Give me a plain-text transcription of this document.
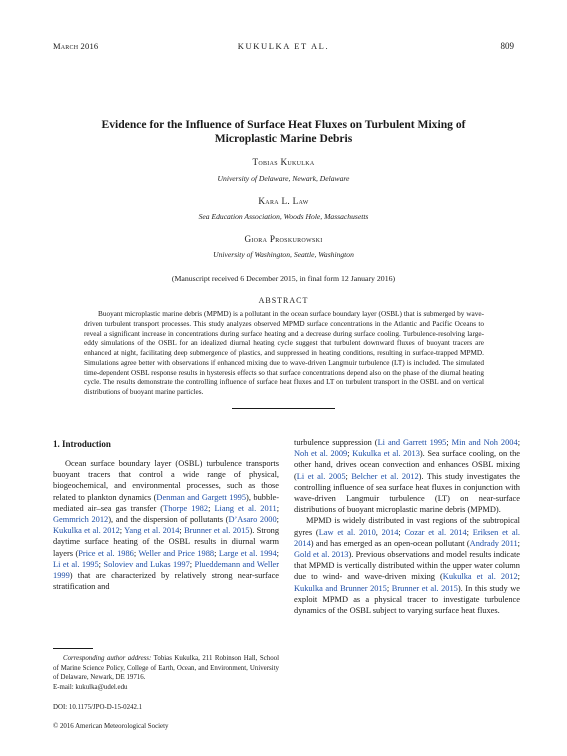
March 2016	KUKULKA ET AL.	809
Evidence for the Influence of Surface Heat Fluxes on Turbulent Mixing of Microplastic Marine Debris
Tobias Kukulka
University of Delaware, Newark, Delaware
Kara L. Law
Sea Education Association, Woods Hole, Massachusetts
Giora Proskurowski
University of Washington, Seattle, Washington
(Manuscript received 6 December 2015, in final form 12 January 2016)
ABSTRACT

Buoyant microplastic marine debris (MPMD) is a pollutant in the ocean surface boundary layer (OSBL) that is submerged by wave-driven turbulent transport processes. This study analyzes observed MPMD surface concentrations in the Atlantic and Pacific Oceans to reveal a significant increase in concentrations during surface heating and a decrease during surface cooling. Turbulence-resolving large-eddy simulations of the OSBL for an idealized diurnal heating cycle suggest that turbulent downward fluxes of buoyant tracers are enhanced at night, facilitating deep submergence of plastics, and suppressed in heating conditions, resulting in surface-trapped MPMD. Simulations agree better with observations if enhanced mixing due to wave-driven Langmuir turbulence (LT) is included. The simulated time-dependent OSBL response results in hysteresis effects so that surface concentrations depend also on the phase of the diurnal heating cycle. The results demonstrate the controlling influence of surface heat fluxes and LT on turbulent transport in the OSBL and on vertical distributions of buoyant marine particles.

1. Introduction

Ocean surface boundary layer (OSBL) turbulence transports buoyant tracers that control a wide range of physical, biogeochemical, and environmental processes, such as those related to plankton dynamics (Denman and Gargett 1995), bubble-mediated air–sea gas transfer (Thorpe 1982; Liang et al. 2011; Gemmrich 2012), and the dispersion of pollutants (D’Asaro 2000; Kukulka et al. 2012; Yang et al. 2014; Brunner et al. 2015). Strong daytime surface heating of the OSBL results in diurnal warm layers (Price et al. 1986; Weller and Price 1988; Large et al. 1994; Li et al. 1995; Soloviev and Lukas 1997; Plueddemann and Weller 1999) that are characterized by relatively strong near-surface stratification and

turbulence suppression (Li and Garrett 1995; Min and Noh 2004; Noh et al. 2009; Kukulka et al. 2013). Sea surface cooling, on the other hand, drives ocean convection and enhances OSBL mixing (Li et al. 2005; Belcher et al. 2012). This study investigates the controlling influence of sea surface heat fluxes in conjunction with wave-driven Langmuir turbulence (LT) on near-surface distributions of buoyant microplastic marine debris (MPMD).

MPMD is widely distributed in vast regions of the subtropical gyres (Law et al. 2010, 2014; Cozar et al. 2014; Eriksen et al. 2014) and has emerged as an open-ocean pollutant (Andrady 2011; Gold et al. 2013). Previous observations and model results indicate that MPMD is vertically distributed within the upper water column due to wind- and wave-driven mixing (Kukulka et al. 2012; Kukulka and Brunner 2015; Brunner et al. 2015). In this study we exploit MPMD as a physical tracer to investigate turbulence dynamics of the OSBL subject to varying surface heat fluxes.

Corresponding author address: Tobias Kukulka, 211 Robinson Hall, School of Marine Science Policy, College of Earth, Ocean, and Environment, University of Delaware, Newark, DE 19716.
E-mail: kukulka@udel.edu

DOI: 10.1175/JPO-D-15-0242.1
© 2016 American Meteorological Society
